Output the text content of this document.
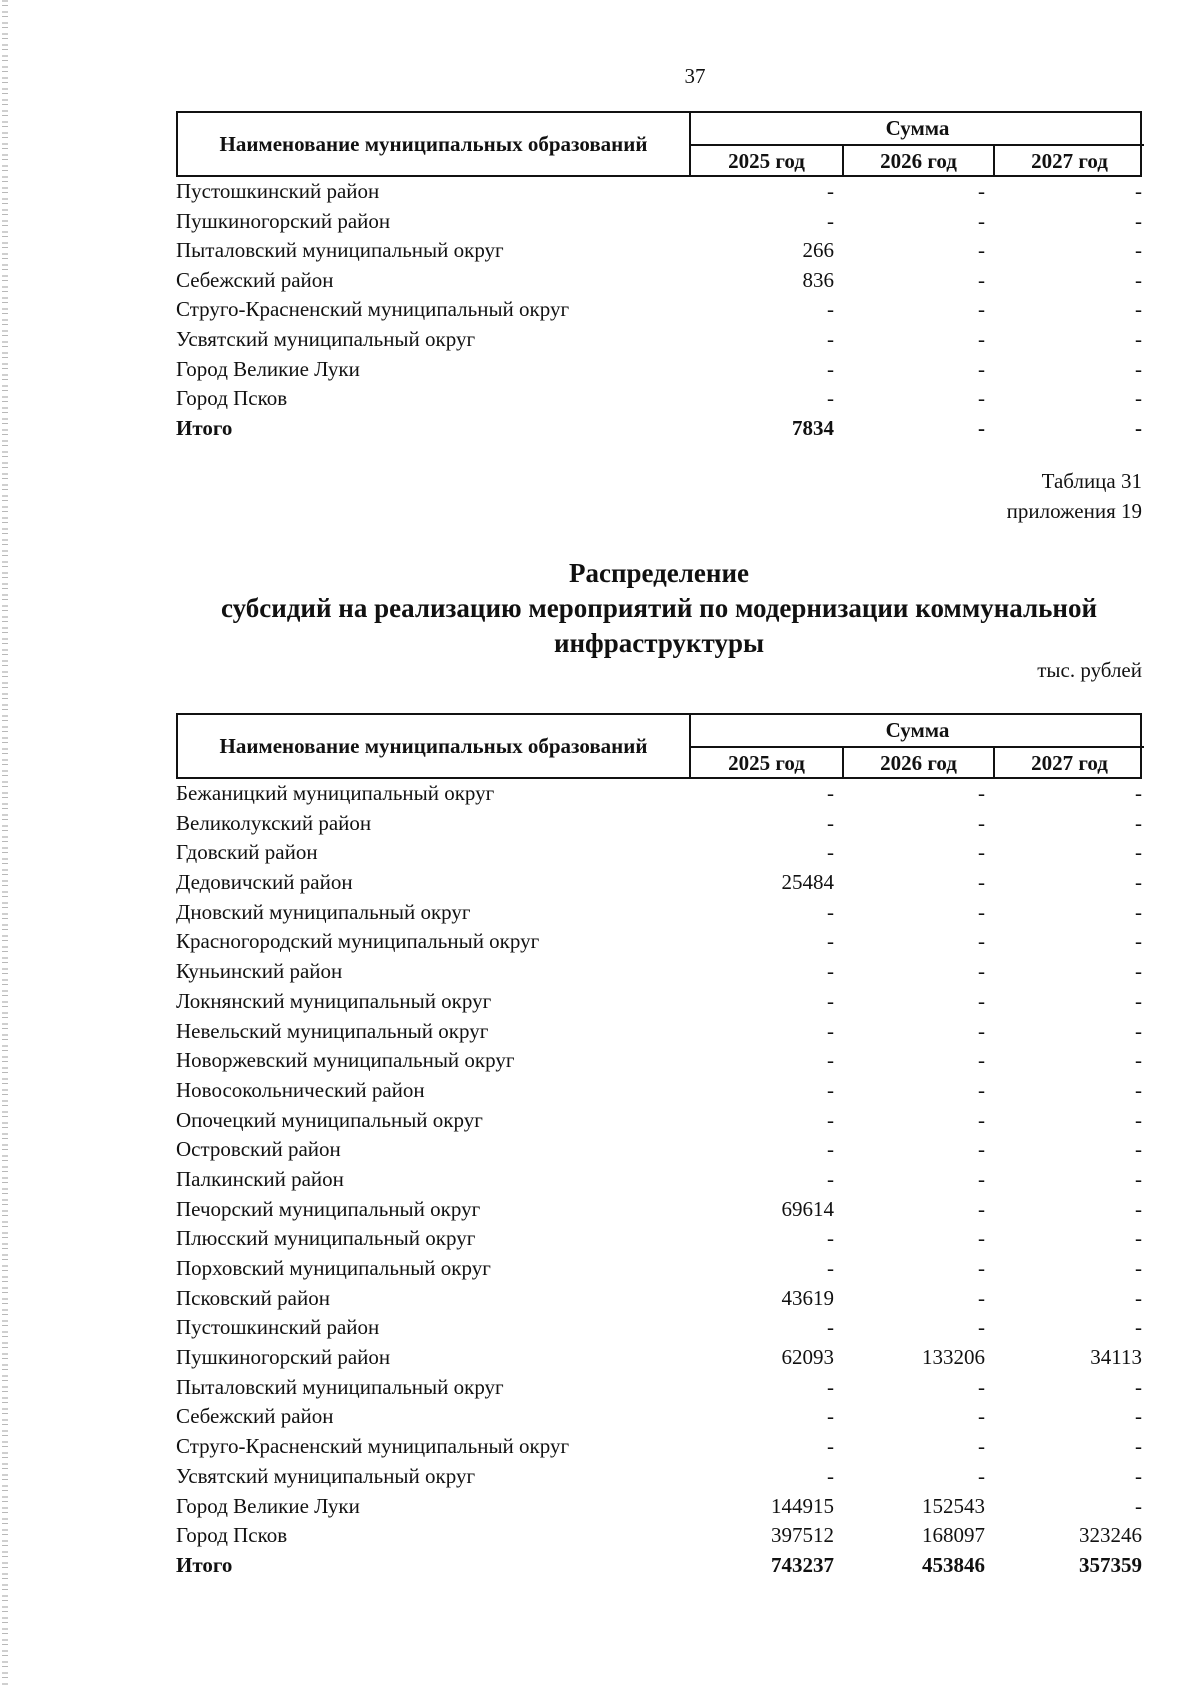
37
Наименование муниципальных образований
Сумма
2025 год	2026 год	2027 год
Пустошкинский район	-	-	-
Пушкиногорский район	-	-	-
Пыталовский муниципальный округ	266	-	-
Себежский район	836	-	-
Струго-Красненский муниципальный округ	-	-	-
Усвятский муниципальный округ	-	-	-
Город Великие Луки	-	-	-
Город Псков	-	-	-
Итого	7834	-	-
Таблица 31
приложения 19
Распределение
субсидий на реализацию мероприятий по модернизации коммунальной
инфраструктуры
тыс. рублей
Наименование муниципальных образований
Сумма
2025 год	2026 год	2027 год
Бежаницкий муниципальный округ	-	-	-
Великолукский район	-	-	-
Гдовский район	-	-	-
Дедовичский район	25484	-	-
Дновский муниципальный округ	-	-	-
Красногородский муниципальный округ	-	-	-
Куньинский район	-	-	-
Локнянский муниципальный округ	-	-	-
Невельский муниципальный округ	-	-	-
Новоржевский муниципальный округ	-	-	-
Новосокольнический район	-	-	-
Опочецкий муниципальный округ	-	-	-
Островский район	-	-	-
Палкинский район	-	-	-
Печорский муниципальный округ	69614	-	-
Плюсский муниципальный округ	-	-	-
Порховский муниципальный округ	-	-	-
Псковский район	43619	-	-
Пустошкинский район	-	-	-
Пушкиногорский район	62093	133206	34113
Пыталовский муниципальный округ	-	-	-
Себежский район	-	-	-
Струго-Красненский муниципальный округ	-	-	-
Усвятский муниципальный округ	-	-	-
Город Великие Луки	144915	152543	-
Город Псков	397512	168097	323246
Итого	743237	453846	357359
